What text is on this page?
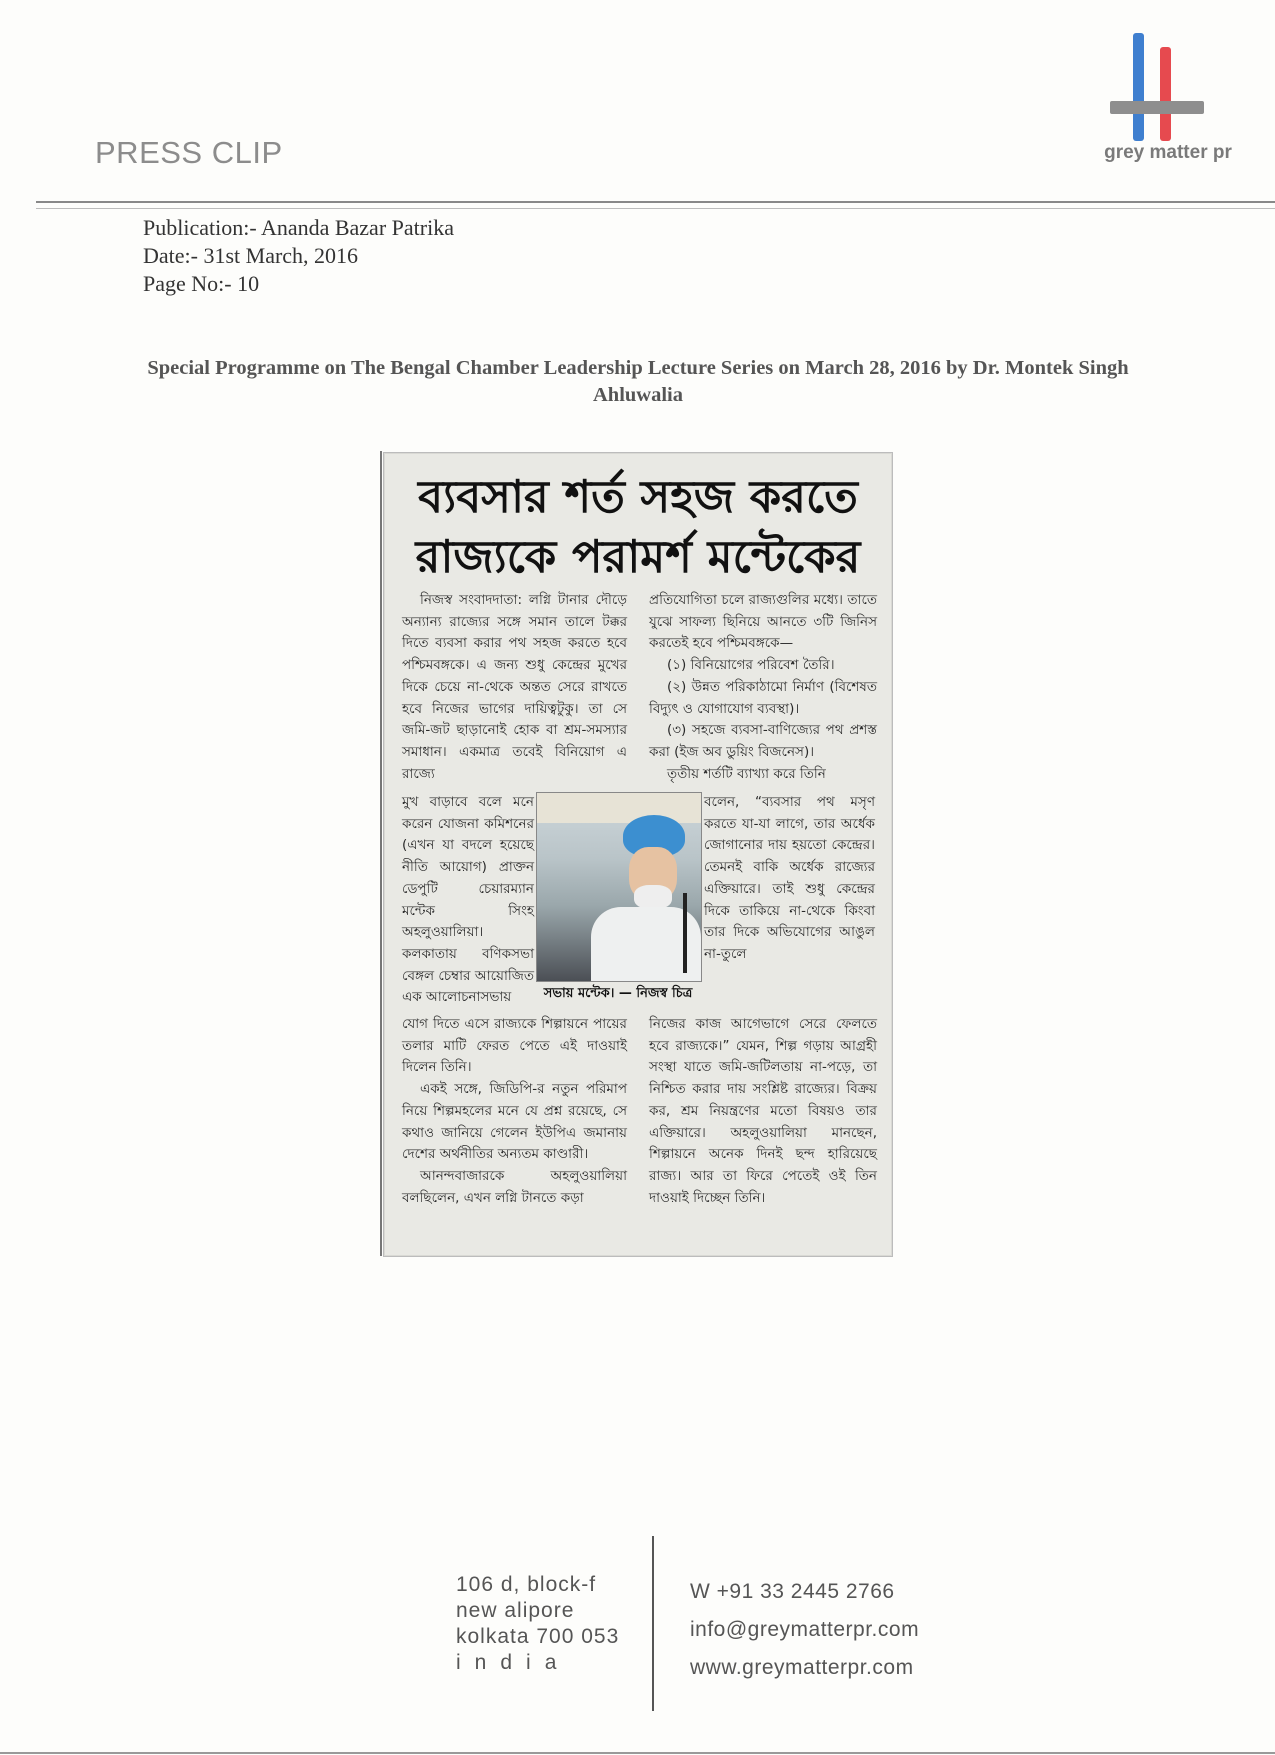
PRESS CLIP	grey matter pr
Publication:- Ananda Bazar Patrika
Date:- 31st March, 2016
Page No:- 10
Special Programme on The Bengal Chamber Leadership Lecture Series on March 28, 2016 by Dr. Montek Singh Ahluwalia
ব্যবসার শর্ত সহজ করতে
রাজ্যকে পরামর্শ মন্টেকের

নিজস্ব সংবাদদাতা: লগ্নি টানার দৌড়ে অন্যান্য রাজ্যের সঙ্গে সমান তালে টক্কর দিতে ব্যবসা করার পথ সহজ করতে হবে পশ্চিমবঙ্গকে। এ জন্য শুধু কেন্দ্রের মুখের দিকে চেয়ে না-থেকে অন্তত সেরে রাখতে হবে নিজের ভাগের দায়িত্বটুকু। তা সে জমি-জট ছাড়ানোই হোক বা শ্রম-সমস্যার সমাধান। একমাত্র তবেই বিনিয়োগ এ রাজ্যে

মুখ বাড়াবে বলে মনে করেন যোজনা কমিশনের (এখন যা বদলে হয়েছে নীতি আয়োগ) প্রাক্তন ডেপুটি চেয়ারম্যান মন্টেক সিংহ অহলুওয়ালিয়া। কলকাতায় বণিকসভা বেঙ্গল চেম্বার আয়োজিত এক আলোচনাসভায়

যোগ দিতে এসে রাজ্যকে শিল্পায়নে পায়ের তলার মাটি ফেরত পেতে এই দাওয়াই দিলেন তিনি।

একই সঙ্গে, জিডিপি-র নতুন পরিমাপ নিয়ে শিল্পমহলের মনে যে প্রশ্ন রয়েছে, সে কথাও জানিয়ে গেলেন ইউপিএ জমানায় দেশের অর্থনীতির অন্যতম কাণ্ডারী।

আনন্দবাজারকে অহলুওয়ালিয়া বলছিলেন, এখন লগ্নি টানতে কড়া

প্রতিযোগিতা চলে রাজ্যগুলির মধ্যে। তাতে যুঝে সাফল্য ছিনিয়ে আনতে ৩টি জিনিস করতেই হবে পশ্চিমবঙ্গকে—

(১) বিনিয়োগের পরিবেশ তৈরি।

(২) উন্নত পরিকাঠামো নির্মাণ (বিশেষত বিদ্যুৎ ও যোগাযোগ ব্যবস্থা)।

(৩) সহজে ব্যবসা-বাণিজ্যের পথ প্রশস্ত করা (ইজ অব ডুয়িং বিজনেস)।

তৃতীয় শর্তটি ব্যাখ্যা করে তিনি

বলেন, “ব্যবসার পথ মসৃণ করতে যা-যা লাগে, তার অর্ধেক জোগানোর দায় হয়তো কেন্দ্রের। তেমনই বাকি অর্ধেক রাজ্যের এক্তিয়ারে। তাই শুধু কেন্দ্রের দিকে তাকিয়ে না-থেকে কিংবা তার দিকে অভিযোগের আঙুল না-তুলে

নিজের কাজ আগেভাগে সেরে ফেলতে হবে রাজ্যকে।” যেমন, শিল্প গড়ায় আগ্রহী সংস্থা যাতে জমি-জটিলতায় না-পড়ে, তা নিশ্চিত করার দায় সংশ্লিষ্ট রাজ্যের। বিক্রয় কর, শ্রম নিয়ন্ত্রণের মতো বিষয়ও তার এক্তিয়ারে। অহলুওয়ালিয়া মানছেন, শিল্পায়নে অনেক দিনই ছন্দ হারিয়েছে রাজ্য। আর তা ফিরে পেতেই ওই তিন দাওয়াই দিচ্ছেন তিনি।

সভায় মন্টেক। — নিজস্ব চিত্র
106 d, block-f
new alipore
kolkata 700 053
india
W +91 33 2445 2766
info@greymatterpr.com
www.greymatterpr.com
